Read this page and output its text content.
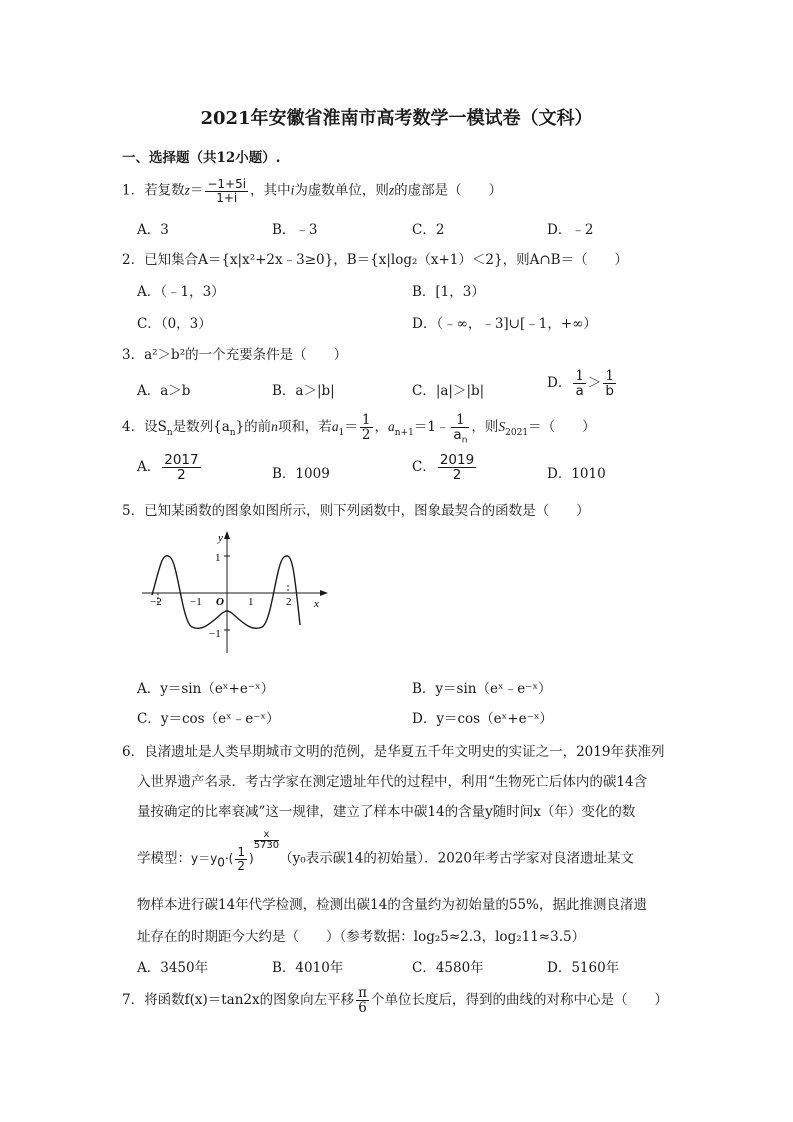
2021年安徽省淮南市高考数学一模试卷（文科）
一、选择题（共12小题）.
1．若复数$z= \frac{-1+5i}{1+i}$ ，其中i为虚数单位，则z的虚部是（　　）
A．3	B．﹣3	C．2	D．﹣2
2．已知集合A＝{x|x²+2x﹣3≥0}，B＝{x|log₂（x+1）＜2}，则A∩B＝（　　）
A．（﹣1，3）	B．[1，3）
C．（0，3）	D．（﹣∞，﹣3]∪[﹣1，+∞）
3．a²＞b²的一个充要条件是（　　）
A．a＞b	B．a＞|b|	C．|a|＞|b|	D． $\frac{1}{a} > \frac{1}{b}$
4．设$S_n$是数列$\{a_n\}$的前n项和，若$a_1= \frac{1}{2}$ ，$a_{n+1}=1﹣ \frac{1}{a_n}$ ，则$S_{2021}=$（　　）
A． $\frac{2017}{2}$	B．1009	C． $\frac{2019}{2}$	D．1010
5．已知某函数的图象如图所示，则下列函数中，图象最契合的函数是（　　）
y
x
O
1
−1
−2	−1	1	2
A．y＝sin（eˣ+e⁻ˣ）	B．y＝sin（eˣ﹣e⁻ˣ）
C．y＝cos（eˣ﹣e⁻ˣ）	D．y＝cos（eˣ+e⁻ˣ）
6．良渚遗址是人类早期城市文明的范例，是华夏五千年文明史的实证之一，2019年获准列
入世界遗产名录．考古学家在测定遗址年代的过程中，利用“生物死亡后体内的碳14含
量按确定的比率衰减”这一规律，建立了样本中碳14的含量y随时间x（年）变化的数
学模型：$y=y_0\cdot( \frac{1}{2}$ )
$\frac{x}{5730}$
（y₀表示碳14的初始量）．2020年考古学家对良渚遗址某文
物样本进行碳14年代学检测，检测出碳14的含量约为初始量的55%，据此推测良渚遗
址存在的时期距今大约是（　　）（参考数据：log₂5≈2.3，log₂11≈3.5）
A．3450年	B．4010年	C．4580年	D．5160年
7．将函数f(x)＝tan2x的图象向左平移 $\frac{\pi}{6}$ 个单位长度后，得到的曲线的对称中心是（　　）
